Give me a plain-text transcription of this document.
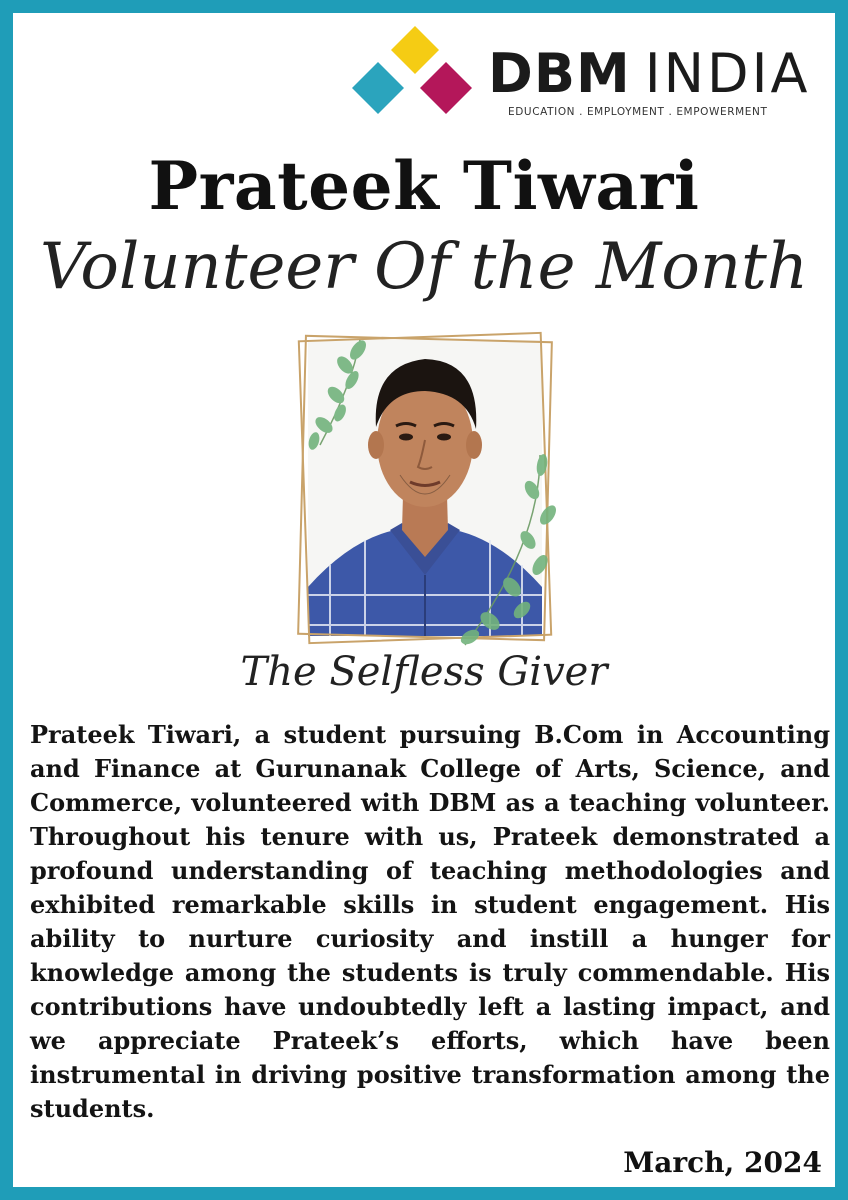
DBM INDIA
EDUCATION . EMPLOYMENT . EMPOWERMENT
Prateek Tiwari
Volunteer Of the Month
The Selfless Giver

Prateek Tiwari, a student pursuing B.Com in Accounting and Finance at Gurunanak College of Arts, Science, and Commerce, volunteered with DBM as a teaching volunteer. Throughout his tenure with us, Prateek demonstrated a profound understanding of teaching methodologies and exhibited remarkable skills in student engagement. His ability to nurture curiosity and instill a hunger for knowledge among the students is truly commendable. His contributions have undoubtedly left a lasting impact, and we appreciate Prateek’s efforts, which have been instrumental in driving positive transformation among the students.

March, 2024
